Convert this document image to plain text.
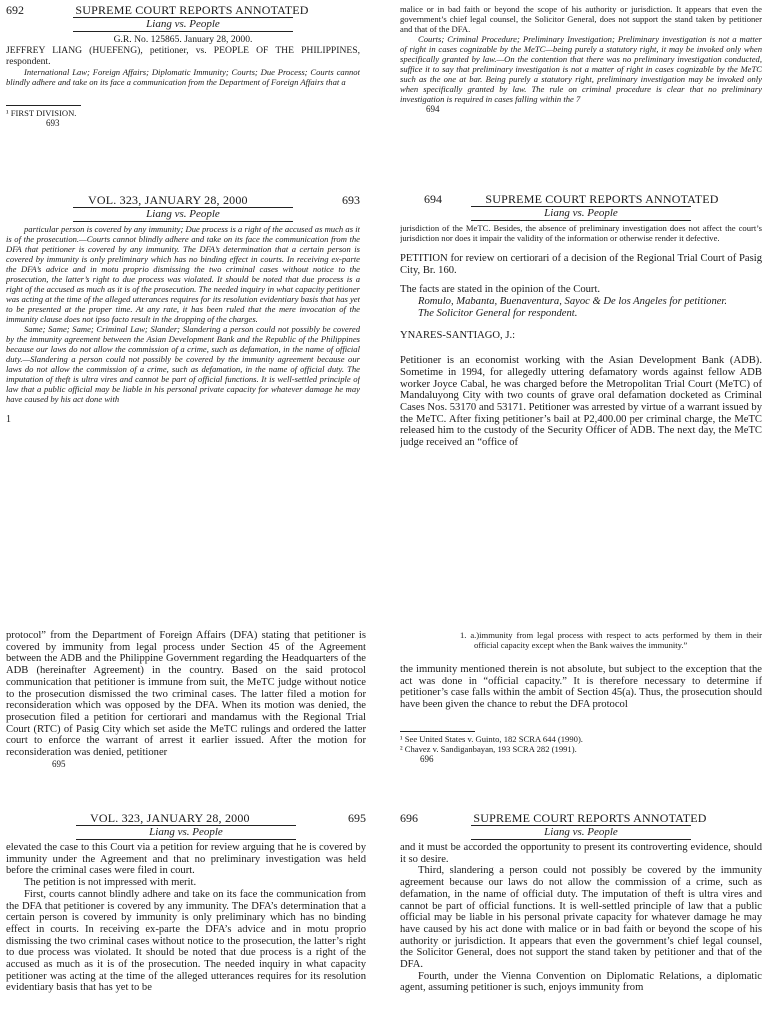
692	SUPREME COURT REPORTS ANNOTATED
Liang vs. People

G.R. No. 125865. January 28, 2000.

JEFFREY LIANG (HUEFENG), petitioner, vs. PEOPLE OF THE PHILIPPINES, respondent.

International Law; Foreign Affairs; Diplomatic Immunity; Courts; Due Process; Courts cannot blindly adhere and take on its face a communication from the Department of Foreign Affairs that a

¹ FIRST DIVISION.

693
VOL. 323, JANUARY 28, 2000	693
Liang vs. People

particular person is covered by any immunity; Due process is a right of the accused as much as it is of the prosecution.—Courts cannot blindly adhere and take on its face the communication from the DFA that petitioner is covered by any immunity. The DFA’s determination that a certain person is covered by immunity is only preliminary which has no binding effect in courts. In receiving ex-parte the DFA’s advice and in motu proprio dismissing the two criminal cases without notice to the prosecution, the latter’s right to due process was violated. It should be noted that due process is a right of the accused as much as it is of the prosecution. The needed inquiry in what capacity petitioner was acting at the time of the alleged utterances requires for its resolution evidentiary basis that has yet to be presented at the proper time. At any rate, it has been ruled that the mere invocation of the immunity clause does not ipso facto result in the dropping of the charges.

Same; Same; Same; Criminal Law; Slander; Slandering a person could not possibly be covered by the immunity agreement between the Asian Development Bank and the Republic of the Philippines because our laws do not allow the commission of a crime, such as defamation, in the name of official duty.—Slandering a person could not possibly be covered by the immunity agreement because our laws do not allow the commission of a crime, such as defamation, in the name of official duty. The imputation of theft is ultra vires and cannot be part of official functions. It is well-settled principle of law that a public official may be liable in his personal private capacity for whatever damage he may have caused by his act done with

1

malice or in bad faith or beyond the scope of his authority or jurisdiction. It appears that even the government’s chief legal counsel, the Solicitor General, does not support the stand taken by petitioner and that of the DFA.

Courts; Criminal Procedure; Preliminary Investigation; Preliminary investigation is not a matter of right in cases cognizable by the MeTC—being purely a statutory right, it may be invoked only when specifically granted by law.—On the contention that there was no preliminary investigation conducted, suffice it to say that preliminary investigation is not a matter of right in cases cognizable by the MeTC such as the one at bar. Being purely a statutory right, preliminary investigation may be invoked only when specifically granted by law. The rule on criminal procedure is clear that no preliminary investigation is required in cases falling within the 7

694
694	SUPREME COURT REPORTS ANNOTATED
Liang vs. People

jurisdiction of the MeTC. Besides, the absence of preliminary investigation does not affect the court’s jurisdiction nor does it impair the validity of the information or otherwise render it defective.

PETITION for review on certiorari of a decision of the Regional Trial Court of Pasig City, Br. 160.

The facts are stated in the opinion of the Court.

Romulo, Mabanta, Buenaventura, Sayoc & De los Angeles for petitioner.

The Solicitor General for respondent.

YNARES-SANTIAGO, J.:

Petitioner is an economist working with the Asian Development Bank (ADB). Sometime in 1994, for allegedly uttering defamatory words against fellow ADB worker Joyce Cabal, he was charged before the Metropolitan Trial Court (MeTC) of Mandaluyong City with two counts of grave oral defamation docketed as Criminal Cases Nos. 53170 and 53171. Petitioner was arrested by virtue of a warrant issued by the MeTC. After fixing petitioner’s bail at P2,400.00 per criminal charge, the MeTC released him to the custody of the Security Officer of ADB. The next day, the MeTC judge received an “office of

protocol” from the Department of Foreign Affairs (DFA) stating that petitioner is covered by immunity from legal process under Section 45 of the Agreement between the ADB and the Philippine Government regarding the Headquarters of the ADB (hereinafter Agreement) in the country. Based on the said protocol communication that petitioner is immune from suit, the MeTC judge without notice to the prosecution dismissed the two criminal cases. The latter filed a motion for reconsideration which was opposed by the DFA. When its motion was denied, the prosecution filed a petition for certiorari and mandamus with the Regional Trial Court (RTC) of Pasig City which set aside the MeTC rulings and ordered the latter court to enforce the warrant of arrest it earlier issued. After the motion for reconsideration was denied, petitioner

695
VOL. 323, JANUARY 28, 2000	695
Liang vs. People

elevated the case to this Court via a petition for review arguing that he is covered by immunity under the Agreement and that no preliminary investigation was held before the criminal cases were filed in court.

The petition is not impressed with merit.

First, courts cannot blindly adhere and take on its face the communication from the DFA that petitioner is covered by any immunity. The DFA’s determination that a certain person is covered by immunity is only preliminary which has no binding effect in courts. In receiving ex-parte the DFA’s advice and in motu proprio dismissing the two criminal cases without notice to the prosecution, the latter’s right to due process was violated. It should be noted that due process is a right of the accused as much as it is of the prosecution. The needed inquiry in what capacity petitioner was acting at the time of the alleged utterances requires for its resolution evidentiary basis that has yet to be

1. a.)immunity from legal process with respect to acts performed by them in their official capacity except when the Bank waives the immunity.”

the immunity mentioned therein is not absolute, but subject to the exception that the act was done in “official capacity.” It is therefore necessary to determine if petitioner’s case falls within the ambit of Section 45(a). Thus, the prosecution should have been given the chance to rebut the DFA protocol

¹ See United States v. Guinto, 182 SCRA 644 (1990).

² Chavez v. Sandiganbayan, 193 SCRA 282 (1991).

696
696	SUPREME COURT REPORTS ANNOTATED
Liang vs. People

and it must be accorded the opportunity to present its controverting evidence, should it so desire.

Third, slandering a person could not possibly be covered by the immunity agreement because our laws do not allow the commission of a crime, such as defamation, in the name of official duty. The imputation of theft is ultra vires and cannot be part of official functions. It is well-settled principle of law that a public official may be liable in his personal private capacity for whatever damage he may have caused by his act done with malice or in bad faith or beyond the scope of his authority or jurisdiction. It appears that even the government’s chief legal counsel, the Solicitor General, does not support the stand taken by petitioner and that of the DFA.

Fourth, under the Vienna Convention on Diplomatic Relations, a diplomatic agent, assuming petitioner is such, enjoys immunity from
